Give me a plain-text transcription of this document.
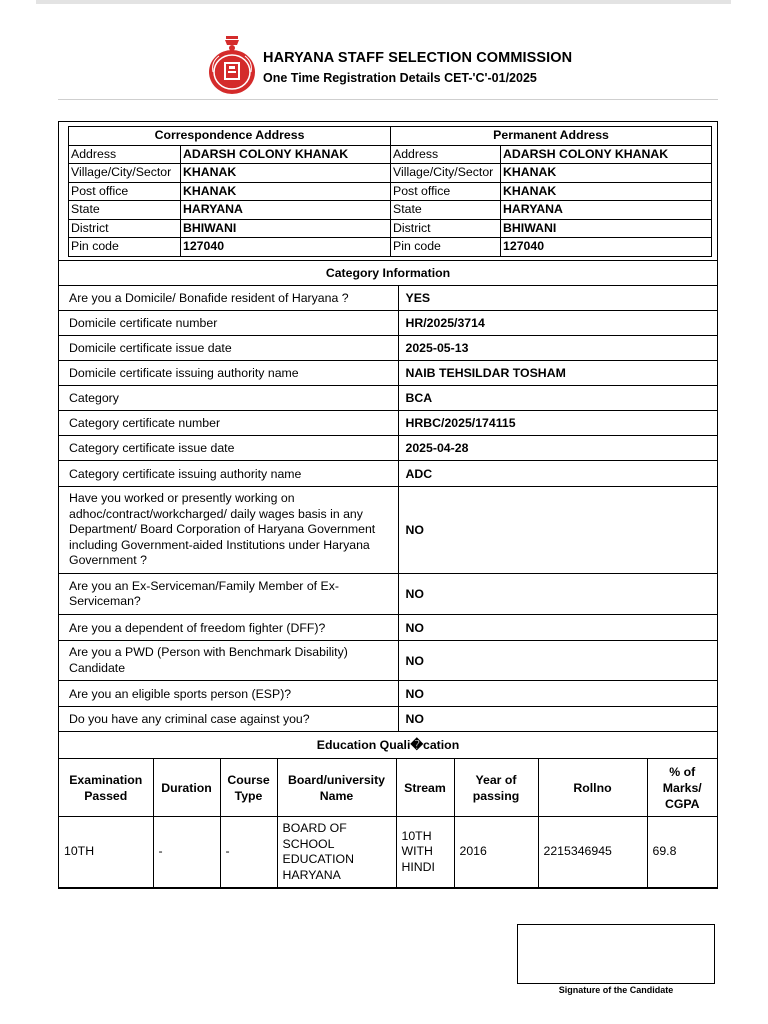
HARYANA STAFF SELECTION COMMISSION
One Time Registration Details CET-'C'-01/2025
Correspondence Address		Permanent Address	
Address	ADARSH COLONY KHANAK	Address	ADARSH COLONY KHANAK
Village/City/Sector	KHANAK	Village/City/Sector	KHANAK
Post office	KHANAK	Post office	KHANAK
State	HARYANA	State	HARYANA
District	BHIWANI	District	BHIWANI
Pin code	127040	Pin code	127040
Category Information
Are you a Domicile/ Bonafide resident of Haryana ?	YES
Domicile certificate number	HR/2025/3714
Domicile certificate issue date	2025-05-13
Domicile certificate issuing authority name	NAIB TEHSILDAR TOSHAM
Category	BCA
Category certificate number	HRBC/2025/174115
Category certificate issue date	2025-04-28
Category certificate issuing authority name	ADC
Have you worked or presently working on adhoc/contract/workcharged/ daily wages basis in any Department/ Board Corporation of Haryana Government including Government-aided Institutions under Haryana Government ?	NO
Are you an Ex-Serviceman/Family Member of Ex-Serviceman?	NO
Are you a dependent of freedom fighter (DFF)?	NO
Are you a PWD (Person with Benchmark Disability) Candidate	NO
Are you an eligible sports person (ESP)?	NO
Do you have any criminal case against you?	NO
Education Quali�cation
Examination Passed	Duration	Course Type	Board/university Name	Stream	Year of passing	Rollno	% of Marks/ CGPA
10TH	-	-	BOARD OF SCHOOL EDUCATION HARYANA	10TH WITH HINDI	2016	2215346945	69.8
Signature of the Candidate
